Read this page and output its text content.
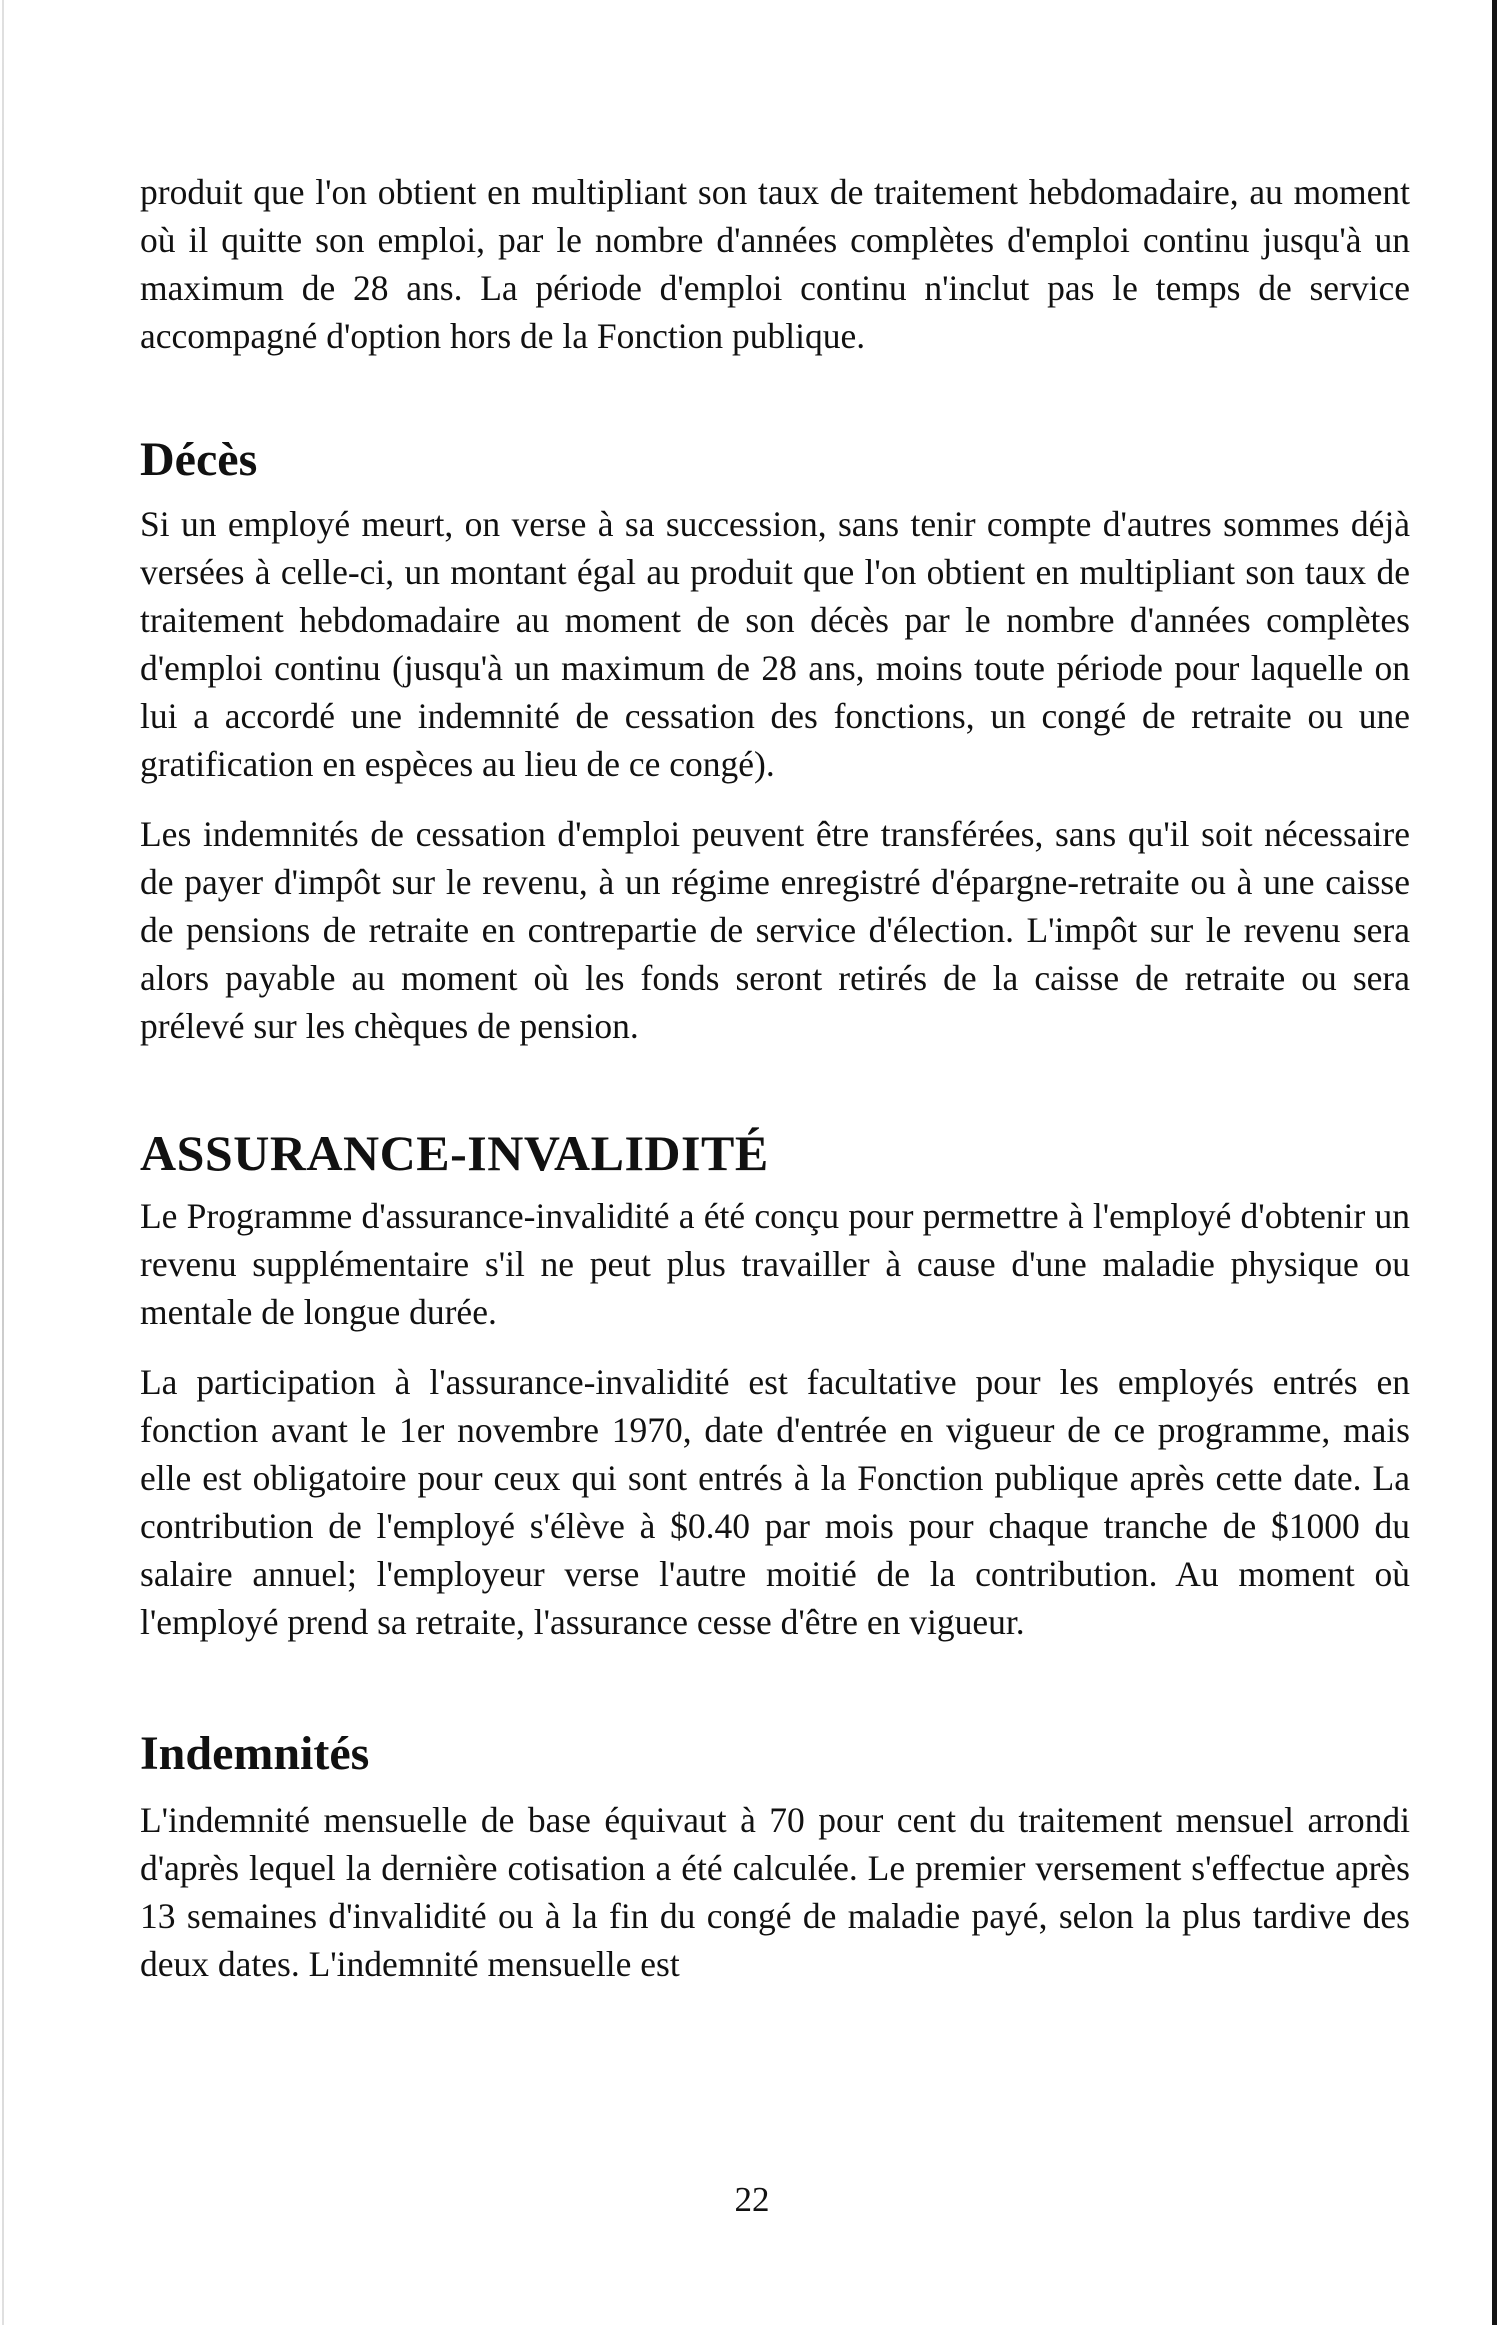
produit que l'on obtient en multipliant son taux de traitement hebdomadaire, au moment où il quitte son emploi, par le nombre d'années complètes d'emploi continu jusqu'à un maximum de 28 ans. La période d'emploi continu n'inclut pas le temps de service accompagné d'option hors de la Fonction publique.

Décès

Si un employé meurt, on verse à sa succession, sans tenir compte d'autres sommes déjà versées à celle-ci, un montant égal au produit que l'on obtient en multipliant son taux de traitement hebdomadaire au moment de son décès par le nombre d'années complètes d'emploi continu (jusqu'à un maximum de 28 ans, moins toute période pour laquelle on lui a accordé une indemnité de cessation des fonctions, un congé de retraite ou une gratification en espèces au lieu de ce congé).

Les indemnités de cessation d'emploi peuvent être transférées, sans qu'il soit nécessaire de payer d'impôt sur le revenu, à un régime enregistré d'épargne-retraite ou à une caisse de pensions de retraite en contrepartie de service d'élection. L'impôt sur le revenu sera alors payable au moment où les fonds seront retirés de la caisse de retraite ou sera prélevé sur les chèques de pension.

ASSURANCE-INVALIDITÉ

Le Programme d'assurance-invalidité a été conçu pour permettre à l'employé d'obtenir un revenu supplémentaire s'il ne peut plus travailler à cause d'une maladie physique ou mentale de longue durée.

La participation à l'assurance-invalidité est facultative pour les employés entrés en fonction avant le 1er novembre 1970, date d'entrée en vigueur de ce programme, mais elle est obligatoire pour ceux qui sont entrés à la Fonction publique après cette date. La contribution de l'employé s'élève à $0.40 par mois pour chaque tranche de $1000 du salaire annuel; l'employeur verse l'autre moitié de la contribution. Au moment où l'employé prend sa retraite, l'assurance cesse d'être en vigueur.

Indemnités

L'indemnité mensuelle de base équivaut à 70 pour cent du traitement mensuel arrondi d'après lequel la dernière cotisation a été calculée. Le premier versement s'effectue après 13 semaines d'invalidité ou à la fin du congé de maladie payé, selon la plus tardive des deux dates. L'indemnité mensuelle est

22
